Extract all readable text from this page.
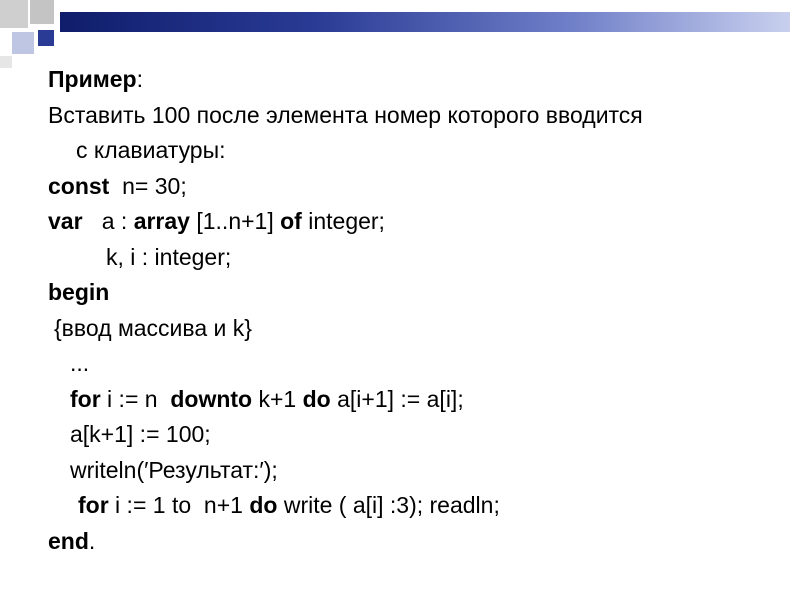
Пример:
Вставить 100 после элемента номер которого вводится
с клавиатуры:
const  n= 30;
var   a : array [1..n+1] of integer;
k, i : integer;
begin
{ввод массива и k}
...
for i := n  downto k+1 do a[i+1] := a[i];
a[k+1] := 100;
writeln(′Результат:′);
for i := 1 to  n+1 do write ( a[i] :3); readln;
end.
